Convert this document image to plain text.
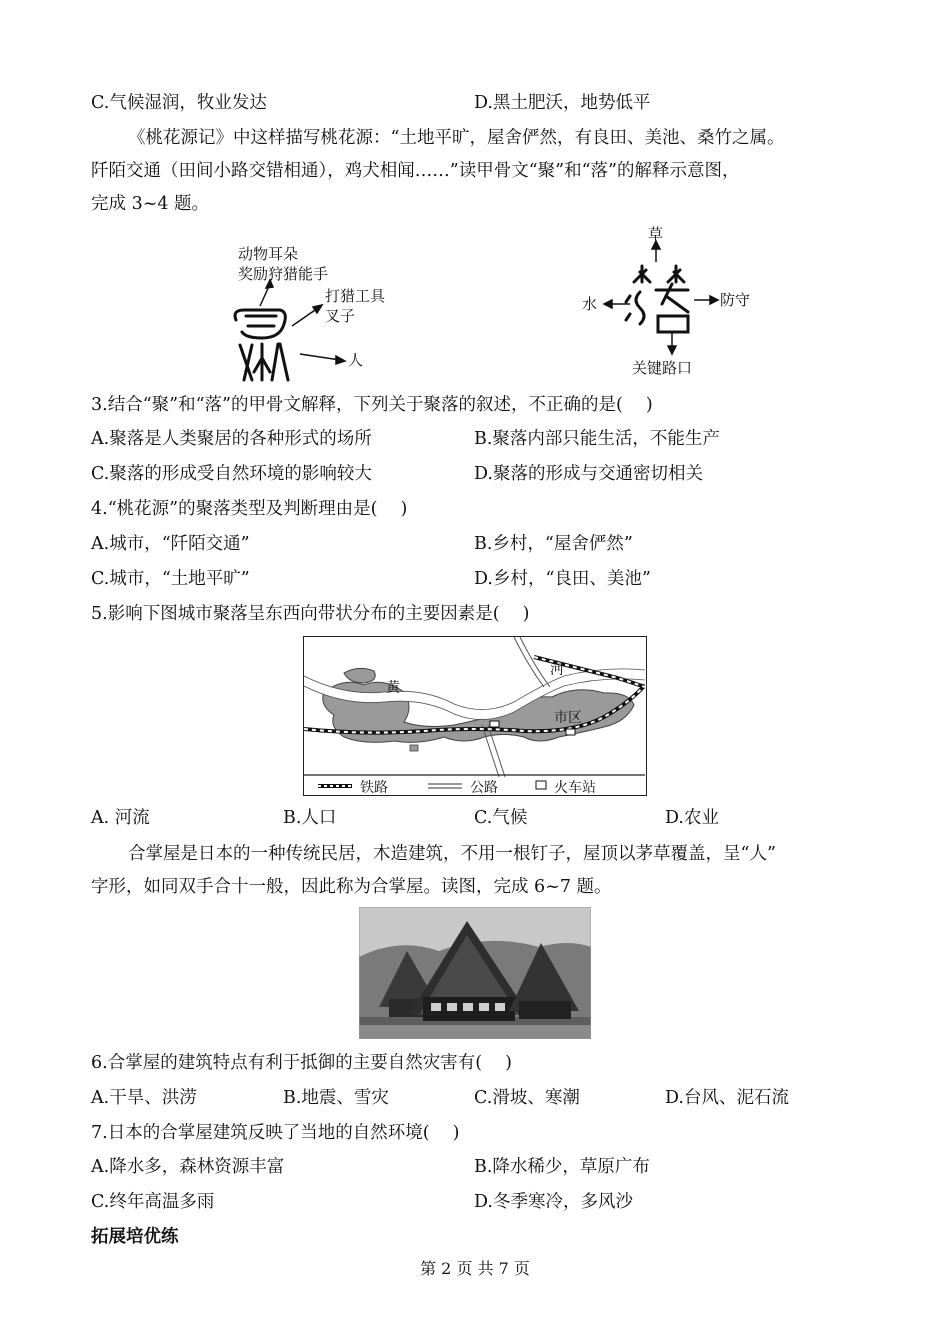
C.气候湿润，牧业发达	D.黑土肥沃，地势低平
《桃花源记》中这样描写桃花源：“土地平旷，屋舍俨然，有良田、美池、桑竹之属。
阡陌交通（田间小路交错相通），鸡犬相闻……”读甲骨文“聚”和“落”的解释示意图，
完成 3~4 题。
动物耳朵
奖励狩猎能手
打猎工具
叉子
人
草
水	防守
关键路口
3.结合“聚”和“落”的甲骨文解释，下列关于聚落的叙述，不正确的是(　 )
A.聚落是人类聚居的各种形式的场所	B.聚落内部只能生活，不能生产
C.聚落的形成受自然环境的影响较大	D.聚落的形成与交通密切相关
4.“桃花源”的聚落类型及判断理由是(　 )
A.城市，“阡陌交通”	B.乡村，“屋舍俨然”
C.城市，“土地平旷”	D.乡村，“良田、美池”
5.影响下图城市聚落呈东西向带状分布的主要因素是(　 )
黄
河
市区
铁路	公路	火车站
A. 河流	B.人口	C.气候	D.农业
合掌屋是日本的一种传统民居，木造建筑，不用一根钉子，屋顶以茅草覆盖，呈“人”
字形，如同双手合十一般，因此称为合掌屋。读图，完成 6~7 题。
6.合掌屋的建筑特点有利于抵御的主要自然灾害有(　 )
A.干旱、洪涝	B.地震、雪灾	C.滑坡、寒潮	D.台风、泥石流
7.日本的合掌屋建筑反映了当地的自然环境(　 )
A.降水多，森林资源丰富	B.降水稀少，草原广布
C.终年高温多雨	D.冬季寒冷，多风沙
拓展培优练
第 2 页 共 7 页
